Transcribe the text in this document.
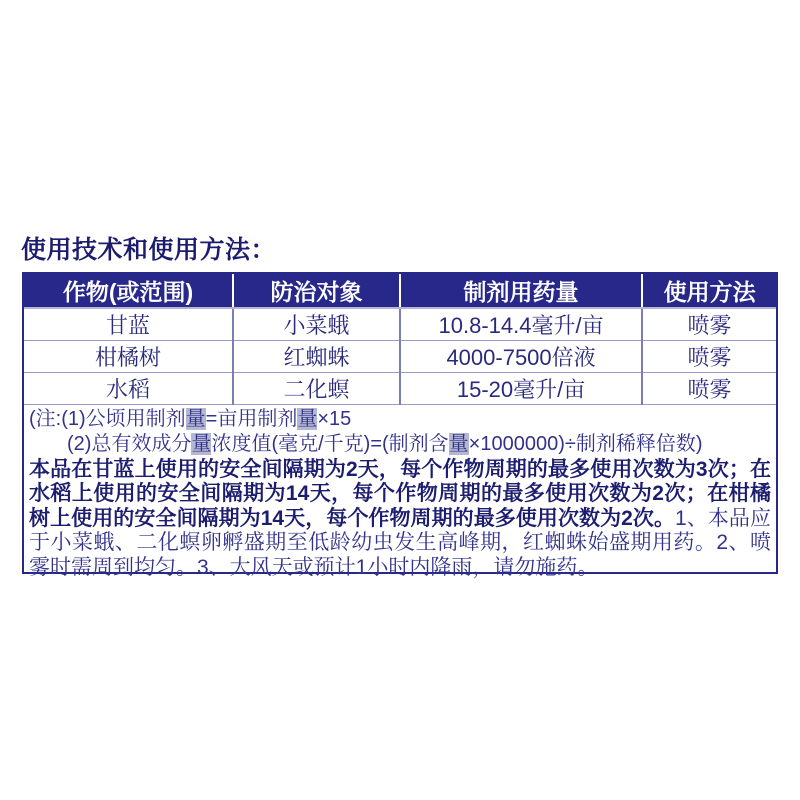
使用技术和使用方法：
作物(或范围)	防治对象	制剂用药量	使用方法
甘蓝	小菜蛾	10.8-14.4毫升/亩	喷雾
柑橘树	红蜘蛛	4000-7500倍液	喷雾
水稻	二化螟	15-20毫升/亩	喷雾
(注:(1)公顷用制剂量=亩用制剂量×15
(2)总有效成分量浓度值(毫克/千克)=(制剂含量×1000000)÷制剂稀释倍数)
本品在甘蓝上使用的安全间隔期为2天，每个作物周期的最多使用次数为3次；在水稻上使用的安全间隔期为14天，每个作物周期的最多使用次数为2次；在柑橘树上使用的安全间隔期为14天，每个作物周期的最多使用次数为2次。1、本品应于小菜蛾、二化螟卵孵盛期至低龄幼虫发生高峰期，红蜘蛛始盛期用药。2、喷雾时需周到均匀。3、大风天或预计1小时内降雨，请勿施药。
